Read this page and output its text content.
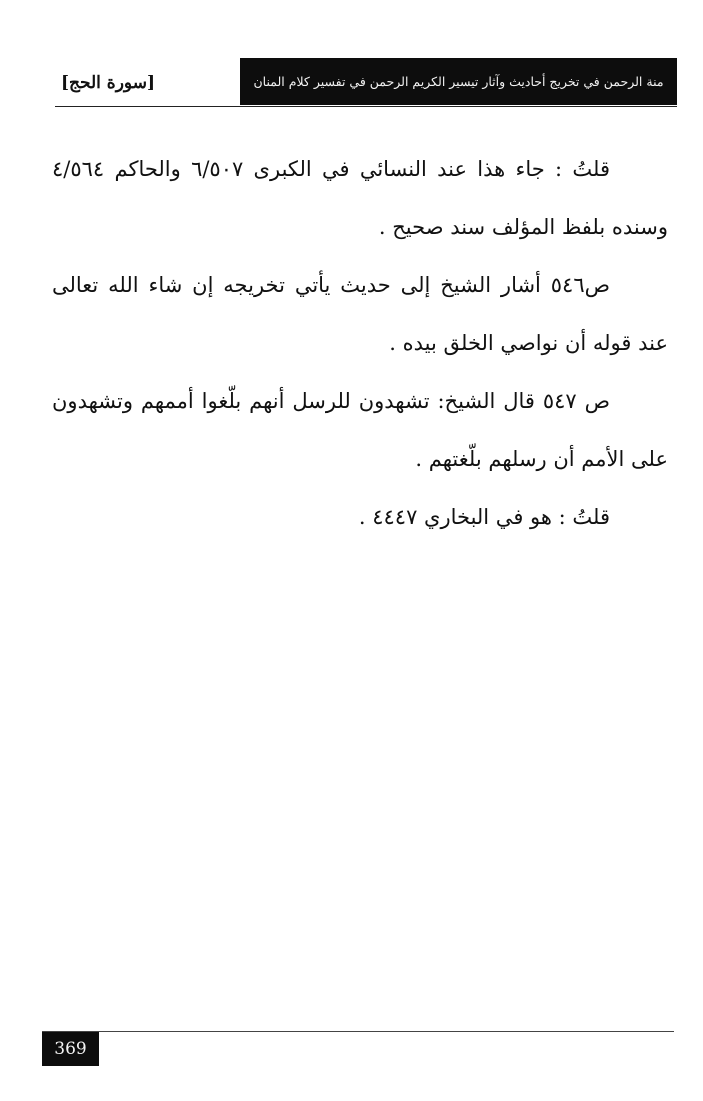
منة الرحمن في تخريج أحاديث وآثار تيسير الكريم الرحمن في تفسير كلام المنان
[سورة الحج]

قلتُ : جاء هذا عند النسائي في الكبرى ٦/٥٠٧ والحاكم ٤/٥٦٤ وسنده بلفظ المؤلف سند صحيح .

ص٥٤٦ أشار الشيخ إلى حديث يأتي تخريجه إن شاء الله تعالى عند قوله أن نواصي الخلق بيده .

ص ٥٤٧ قال الشيخ: تشهدون للرسل أنهم بلّغوا أممهم وتشهدون على الأمم أن رسلهم بلّغتهم .

قلتُ : هو في البخاري ٤٤٤٧ .

369
